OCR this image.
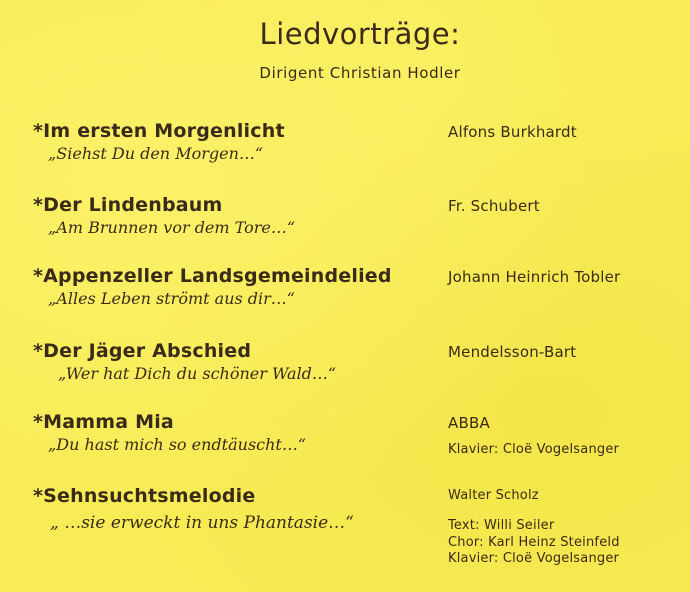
Liedvorträge:
Dirigent Christian Hodler
*Im ersten Morgenlicht
„Siehst Du den Morgen…“
Alfons Burkhardt
*Der Lindenbaum
„Am Brunnen vor dem Tore…“
Fr. Schubert
*Appenzeller Landsgemeindelied
„Alles Leben strömt aus dir…“
Johann Heinrich Tobler
*Der Jäger Abschied
„Wer hat Dich du schöner Wald…“
Mendelsson-Bart
*Mamma Mia
„Du hast mich so endtäuscht…“
ABBA
Klavier: Cloë Vogelsanger
*Sehnsuchtsmelodie
„ …sie erweckt in uns Phantasie…“
Walter Scholz
Text: Willi Seiler
Chor: Karl Heinz Steinfeld
Klavier: Cloë Vogelsanger
